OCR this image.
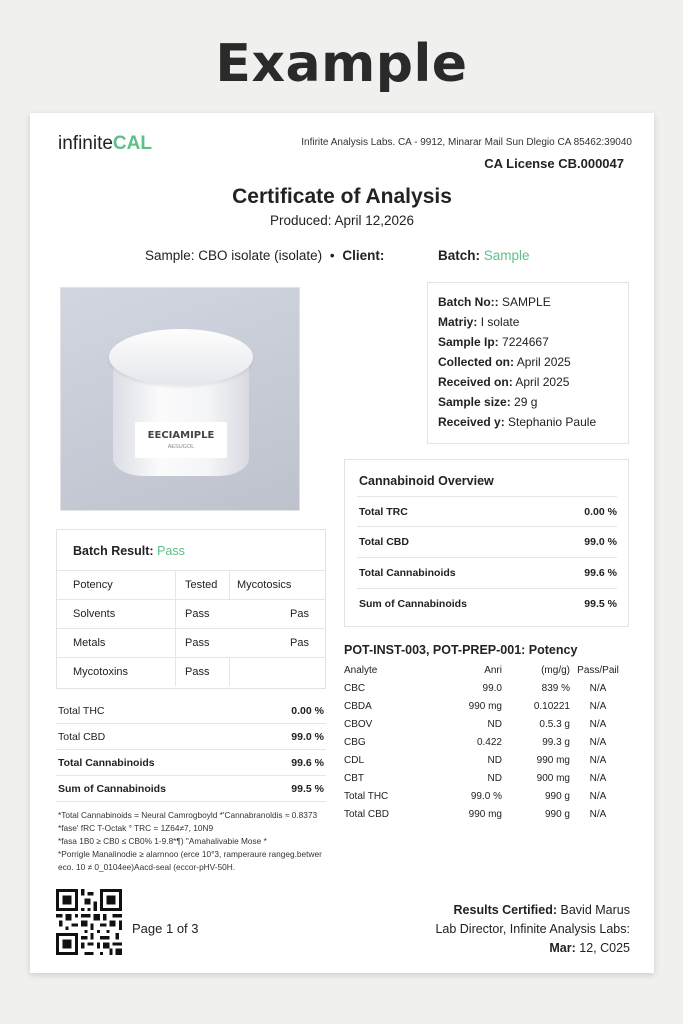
Example
infiniteCAL	Infirite Analysis Labs. CA - 9912, Minarar Mail Sun Dlegio CA 85462:39040
CA License CB.000047
Certificate of Analysis
Produced: April 12,2026
Sample: CBO isolate (isolate) • Client:	Batch: Sample
EECIAMIPLE
AESUGOL
Batch No:: SAMPLE
Matriy: I solate
Sample Ip: 7224667
Collected on: April 2025
Received on: April 2025
Sample size: 29 g
Received y: Stephanio Paule
Cannabinoid Overview
Total TRC	0.00 %
Total CBD	99.0 %
Total Cannabinoids	99.6 %
Sum of Cannabinoids	99.5 %
Batch Result: Pass
Potency	Tested Mycotosics
Solvents	Pass	Pas
Metals	Pass	Pas
Mycotoxins	Pass
Total THC	0.00 %
Total CBD	99.0 %
Total Cannabinoids	99.6 %
Sum of Cannabinoids	99.5 %
*Total Cannabinoids = Neural Camrogboyld *'Cannabranoldis ≈ 0.8373
*fase' fRC T-Octak ° TRC = 1Z64≠7, 10N9
*fasa 1B0 ≥ CB0 ≤ CB0% 1-9.8*¶) "Amahalivabie Mose *
*Porrigle Manalinodie ≥ alarnnoo (erce 10°3, ramperaure rangeg.betwer
eco. 10 ≠ 0_0104ee)Aacd-seal (eccor-pHV-50H.
POT-INST-003, POT-PREP-001: Potency
Analyte	Anri	(mg/g) Pass/Pail
CBC	99.0	839 %	N/A
CBDA	990 mg	0.10221	N/A
CBOV	ND	0.5.3 g	N/A
CBG	0.422	99.3 g	N/A
CDL	ND	990 mg	N/A
CBT	ND	900 mg	N/A
Total THC	99.0 %	990 g	N/A
Total CBD	990 mg	990 g	N/A
Page 1 of 3
Results Certified: Bavid Marus
Lab Director, Infinite Analysis Labs:
Mar: 12, C025
